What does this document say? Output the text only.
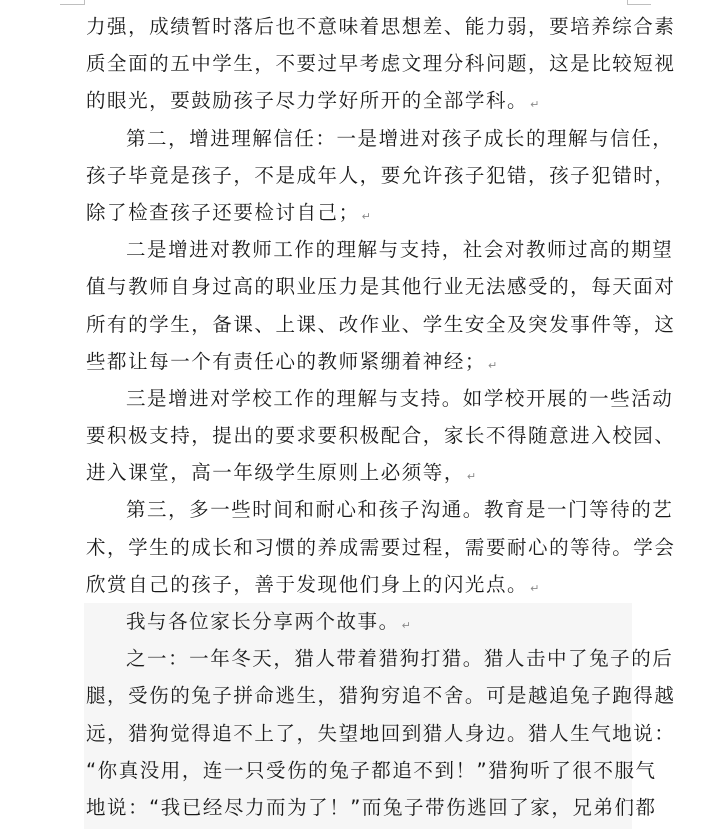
力强，成绩暂时落后也不意味着思想差、能力弱，要培养综合素
质全面的五中学生，不要过早考虑文理分科问题，这是比较短视
的眼光，要鼓励孩子尽力学好所开的全部学科。 ↵
第二，增进理解信任：一是增进对孩子成长的理解与信任，
孩子毕竟是孩子，不是成年人，要允许孩子犯错，孩子犯错时，
除了检查孩子还要检讨自己； ↵
二是增进对教师工作的理解与支持，社会对教师过高的期望
值与教师自身过高的职业压力是其他行业无法感受的，每天面对
所有的学生，备课、上课、改作业、学生安全及突发事件等，这
些都让每一个有责任心的教师紧绷着神经； ↵
三是增进对学校工作的理解与支持。如学校开展的一些活动
要积极支持，提出的要求要积极配合，家长不得随意进入校园、
进入课堂，高一年级学生原则上必须等， ↵
第三，多一些时间和耐心和孩子沟通。教育是一门等待的艺
术，学生的成长和习惯的养成需要过程，需要耐心的等待。学会
欣赏自己的孩子，善于发现他们身上的闪光点。 ↵
我与各位家长分享两个故事。 ↵
之一：一年冬天，猎人带着猎狗打猎。猎人击中了兔子的后
腿，受伤的兔子拼命逃生，猎狗穷追不舍。可是越追兔子跑得越
远，猎狗觉得追不上了，失望地回到猎人身边。猎人生气地说：
“你真没用，连一只受伤的兔子都追不到！”猎狗听了很不服气
地说：“我已经尽力而为了！”而兔子带伤逃回了家，兄弟们都
